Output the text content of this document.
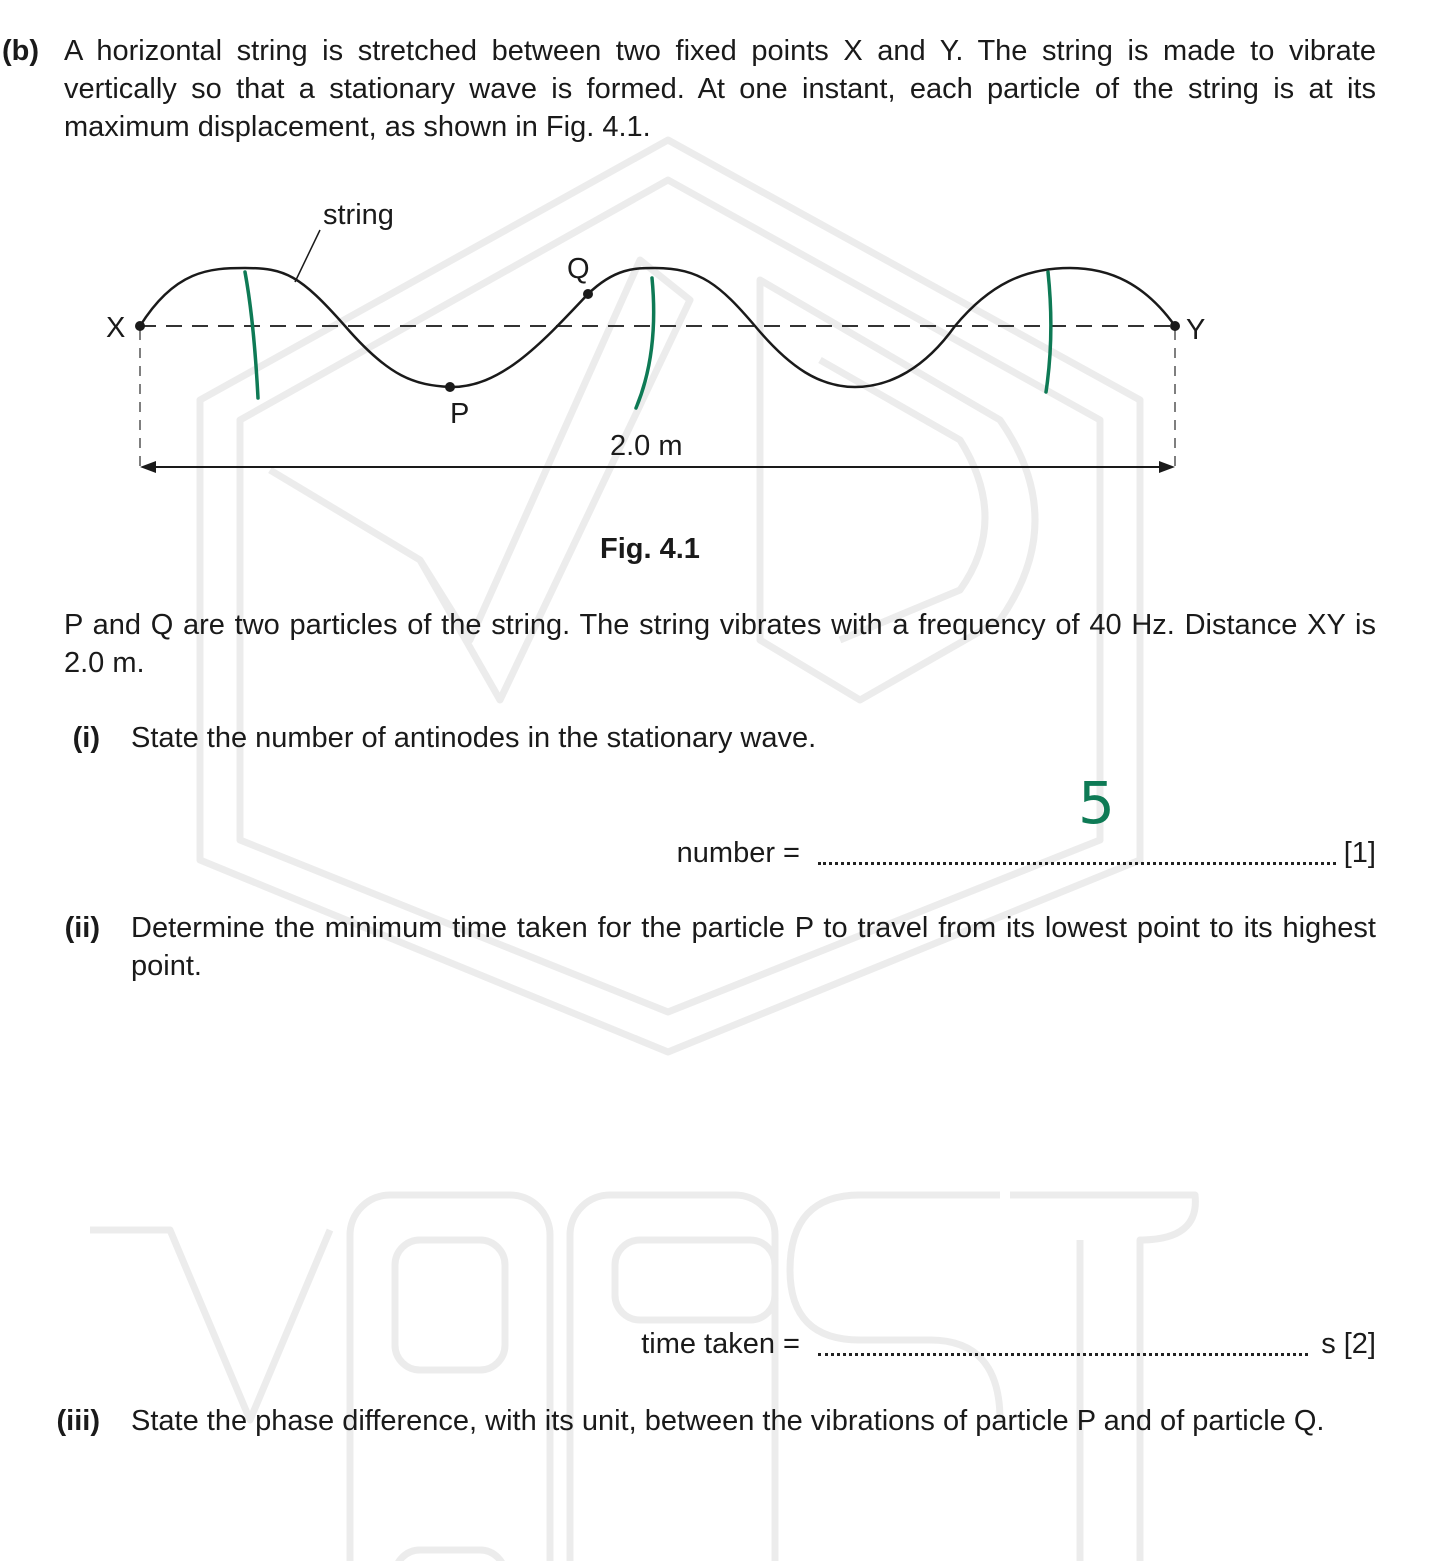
(b) A horizontal string is stretched between two fixed points X and Y. The string is made to vibrate vertically so that a stationary wave is formed. At one instant, each particle of the string is at its maximum displacement, as shown in Fig. 4.1.
string
X	Y
P
Q
2.0 m
Fig. 4.1
P and Q are two particles of the string. The string vibrates with a frequency of 40 Hz. Distance XY is 2.0 m.
(i) State the number of antinodes in the stationary wave.
5
number =	[1]
(ii) Determine the minimum time taken for the particle P to travel from its lowest point to its highest point.
time taken =	s [2]
(iii) State the phase difference, with its unit, between the vibrations of particle P and of particle Q.
